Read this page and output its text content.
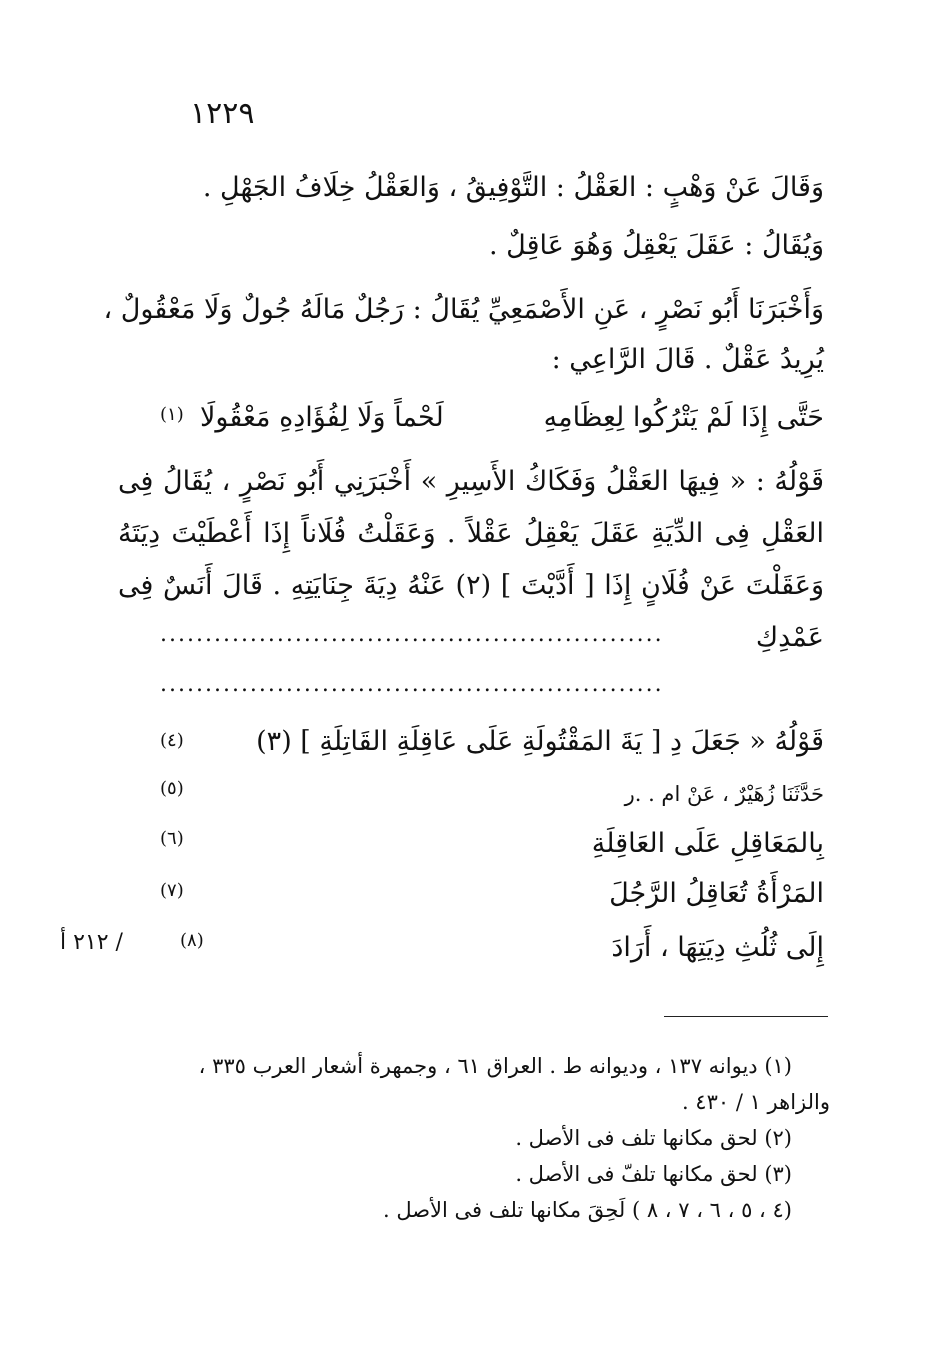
١٢٢٩
وَقَالَ عَنْ وَهْبٍ : العَقْلُ : التَّوْفِيقُ ، وَالعَقْلُ خِلَافُ الجَهْلِ .
وَيُقَالُ : عَقَلَ يَعْقِلُ وَهُوَ عَاقِلٌ .
وَأَخْبَرَنَا أَبُو نَصْرٍ ، عَنِ الأَصْمَعِيِّ يُقَالُ : رَجُلٌ مَالَهُ جُولٌ وَلَا مَعْقُولٌ ،
يُرِيدُ عَقْلٌ . قَالَ الرَّاعِي :
حَتَّى إِذَا لَمْ يَتْرُكُوا لِعِظَامِهِ
لَحْماً وَلَا لِفُؤَادِهِ مَعْقُولَا
(١)
قَوْلُهُ : « فِيهَا العَقْلُ وَفَكَاكُ الأَسِيرِ » أَخْبَرَنِي أَبُو نَصْرٍ ، يُقَالُ فِى
العَقْلِ فِى الدِّيَةِ عَقَلَ يَعْقِلُ عَقْلاً . وَعَقَلْتُ فُلَاناً إِذَا أَعْطَيْتَ دِيَتَهُ
وَعَقَلْتَ عَنْ فُلَانٍ إِذَا [ أَدَّيْتَ ] (٢) عَنْهُ دِيَةَ جِنَايَتِهِ . قَالَ أَنَسٌ فِى
عَمْدِكِ
........................................................
........................................................
قَوْلُهُ « جَعَلَ دِ [ يَةَ المَقْتُولَةِ عَلَى عَاقِلَةِ القَاتِلَةِ ] (٣)
(٤)
حَدَّثَنَا زُهَيْرٌ ، عَنْ ام . .ر
(٥)
بِالمَعَاقِلِ عَلَى العَاقِلَةِ
(٦)
المَرْأَةُ تُعَاقِلُ الرَّجُلَ
(٧)
إِلَى ثُلُثِ دِيَتِهَا ، أَرَادَ
(٨)
/ ٢١٢ أ
(١) ديوانه ١٣٧ ، وديوانه ط . العراق ٦١ ، وجمهرة أشعار العرب ٣٣٥ ،
والزاهر ١ / ٤٣٠ .
(٢) لحق مكانها تلف فى الأصل .
(٣) لحق مكانها تلفّ فى الأصل .
(٤ ، ٥ ، ٦ ، ٧ ، ٨ ) لَحِقَ مكانها تلف فى الأصل .
